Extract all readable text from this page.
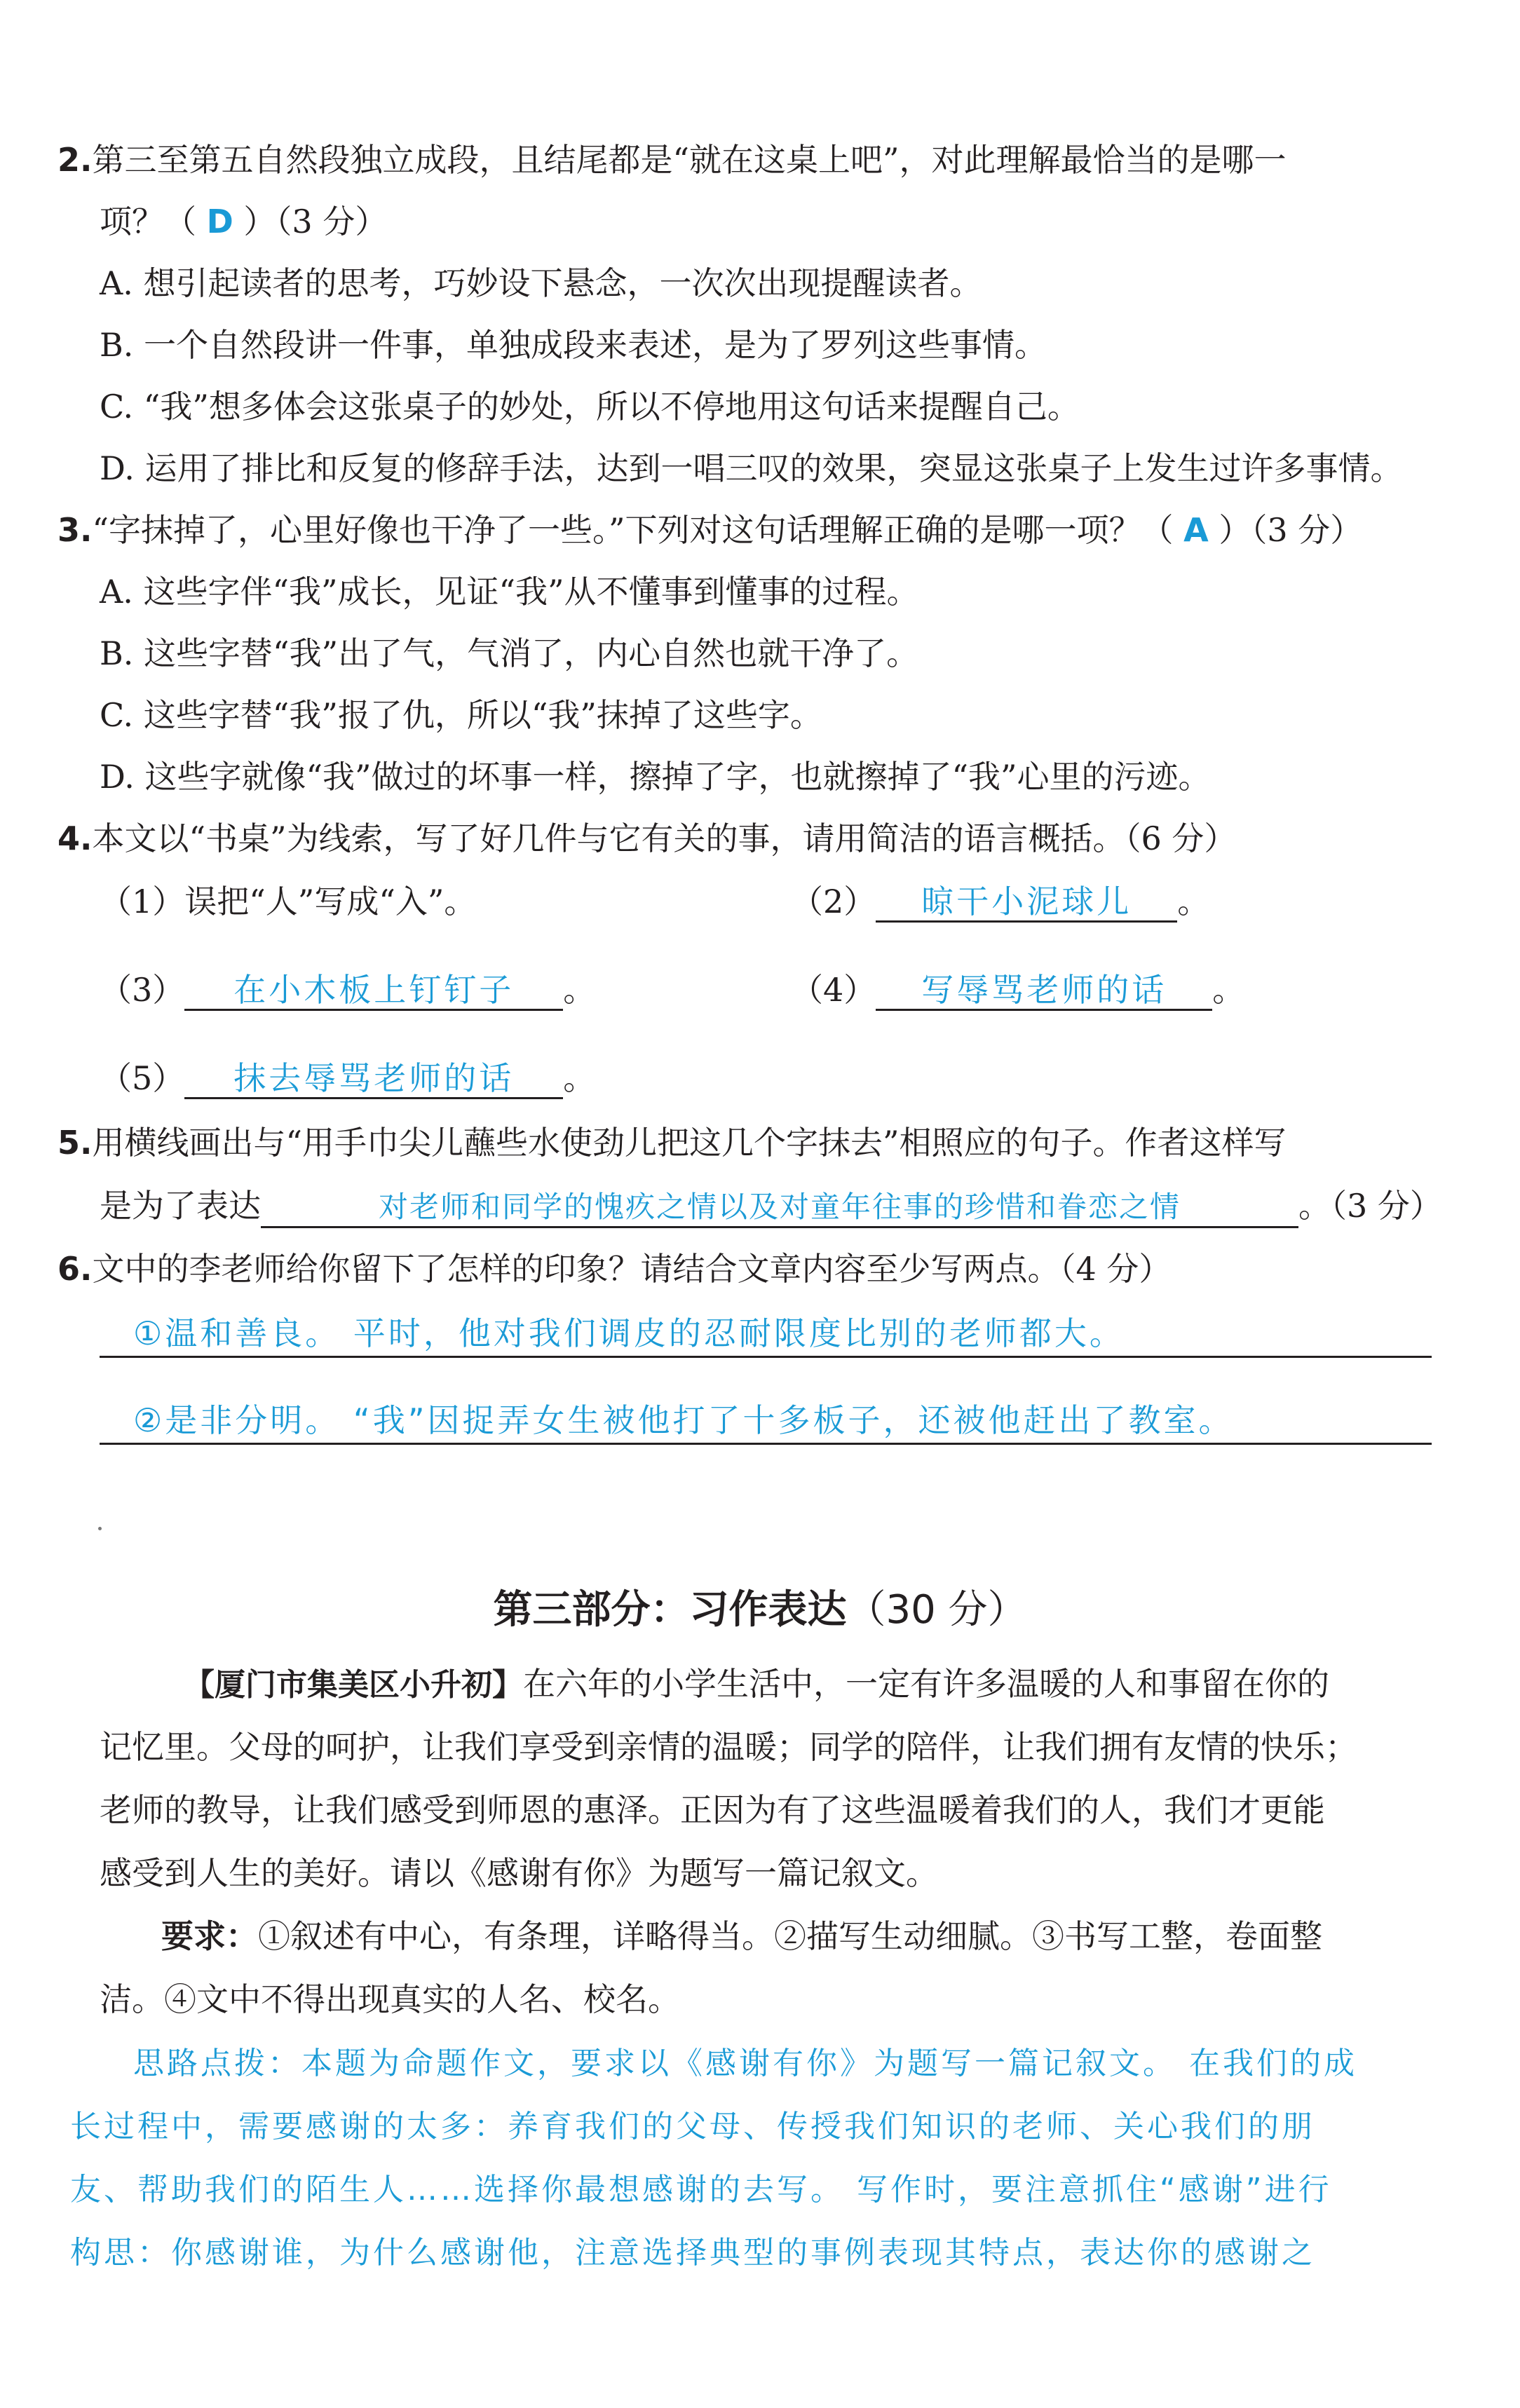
2.第三至第五自然段独立成段，且结尾都是“就在这桌上吧”，对此理解最恰当的是哪一
项？（ D ）（3 分）
A. 想引起读者的思考，巧妙设下悬念，一次次出现提醒读者。
B. 一个自然段讲一件事，单独成段来表述，是为了罗列这些事情。
C. “我”想多体会这张桌子的妙处，所以不停地用这句话来提醒自己。
D. 运用了排比和反复的修辞手法，达到一唱三叹的效果，突显这张桌子上发生过许多事情。
3.“字抹掉了，心里好像也干净了一些。”下列对这句话理解正确的是哪一项？（ A ）（3 分）
A. 这些字伴“我”成长，见证“我”从不懂事到懂事的过程。
B. 这些字替“我”出了气，气消了，内心自然也就干净了。
C. 这些字替“我”报了仇，所以“我”抹掉了这些字。
D. 这些字就像“我”做过的坏事一样，擦掉了字，也就擦掉了“我”心里的污迹。
4.本文以“书桌”为线索，写了好几件与它有关的事，请用简洁的语言概括。（6 分）
（1）误把“人”写成“入”。	（2） 晾干小泥球儿 。
（3） 在小木板上钉钉子 。	（4） 写辱骂老师的话 。
（5） 抹去辱骂老师的话 。
5.用横线画出与“用手巾尖儿蘸些水使劲儿把这几个字抹去”相照应的句子。作者这样写
是为了表达	对老师和同学的愧疚之情以及对童年往事的珍惜和眷恋之情	。（3 分）
6.文中的李老师给你留下了怎样的印象？请结合文章内容至少写两点。（4 分）
①温和善良。 平时，他对我们调皮的忍耐限度比别的老师都大。
②是非分明。 “我”因捉弄女生被他打了十多板子，还被他赶出了教室。
第三部分：习作表达（30 分）
【厦门市集美区小升初】在六年的小学生活中，一定有许多温暖的人和事留在你的
记忆里。父母的呵护，让我们享受到亲情的温暖；同学的陪伴，让我们拥有友情的快乐；
老师的教导，让我们感受到师恩的惠泽。正因为有了这些温暖着我们的人，我们才更能
感受到人生的美好。请以《感谢有你》为题写一篇记叙文。
要求：①叙述有中心，有条理，详略得当。②描写生动细腻。③书写工整，卷面整
洁。④文中不得出现真实的人名、校名。
思路点拨：本题为命题作文，要求以《感谢有你》为题写一篇记叙文。 在我们的成
长过程中，需要感谢的太多：养育我们的父母、传授我们知识的老师、关心我们的朋
友、帮助我们的陌生人……选择你最想感谢的去写。 写作时，要注意抓住“感谢”进行
构思：你感谢谁，为什么感谢他，注意选择典型的事例表现其特点，表达你的感谢之
